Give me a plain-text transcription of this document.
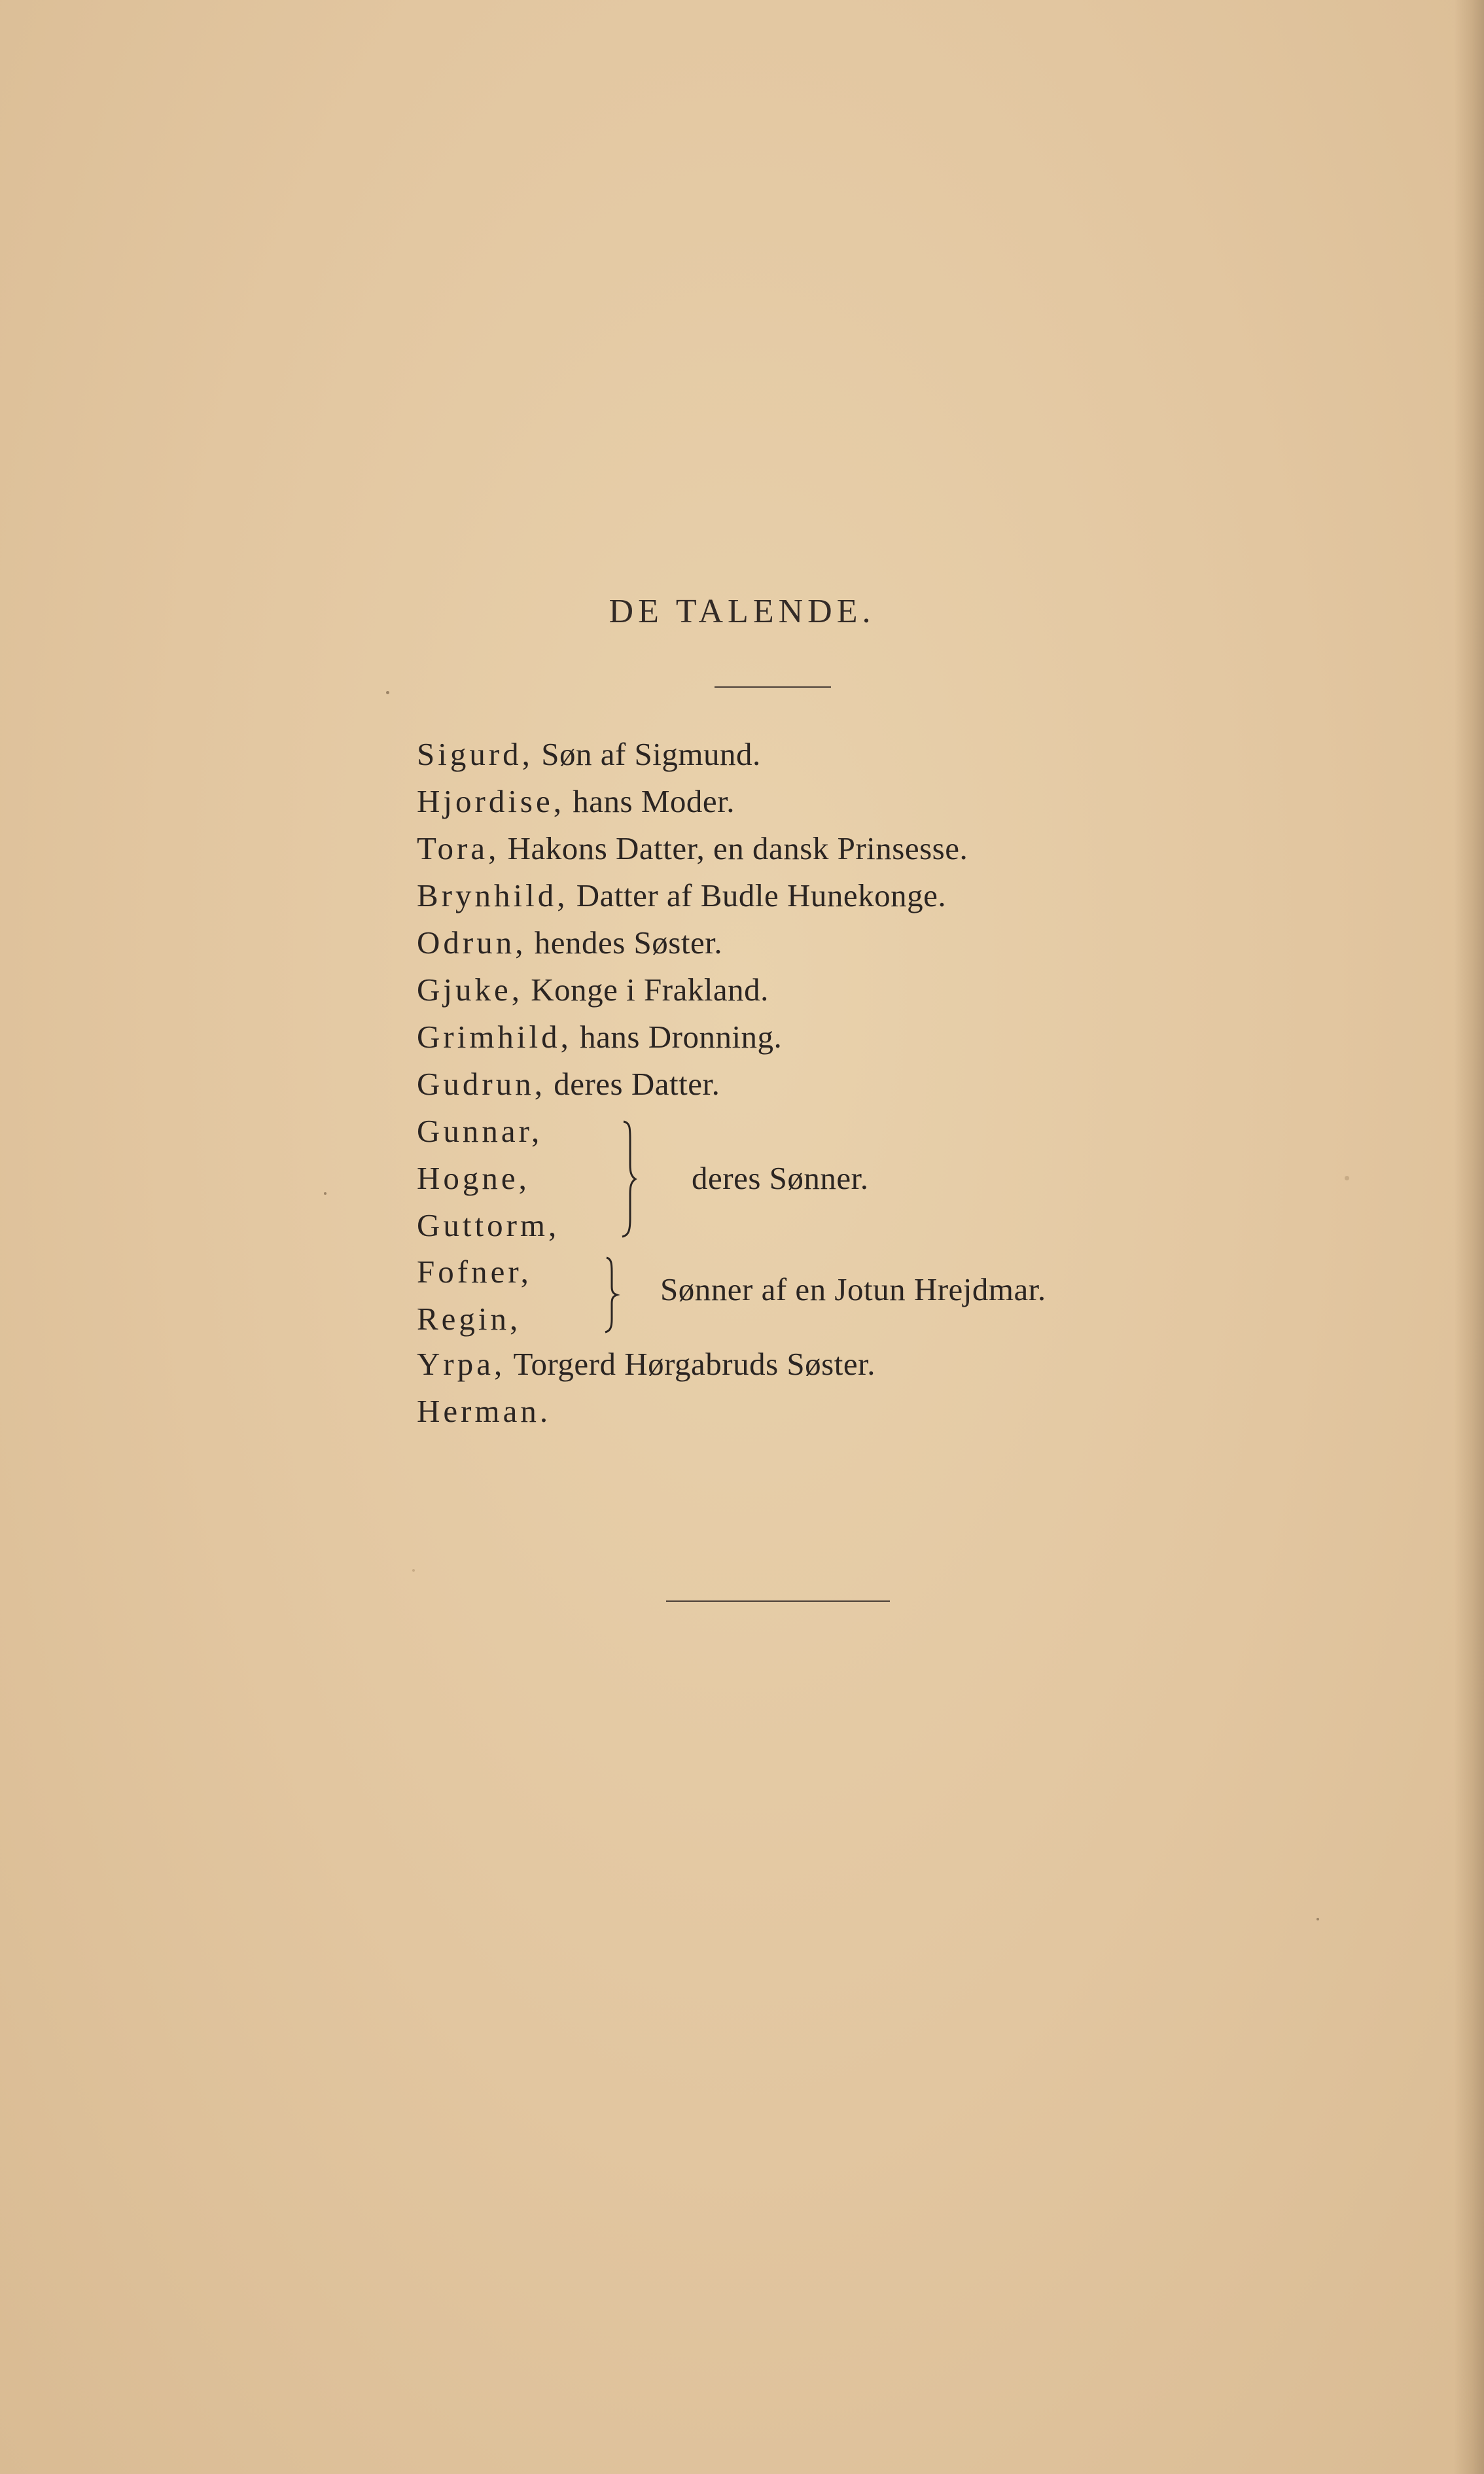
DE TALENDE.
Sigurd, Søn af Sigmund.
Hjordise, hans Moder.
Tora, Hakons Datter, en dansk Prinsesse.
Brynhild, Datter af Budle Hunekonge.
Odrun, hendes Søster.
Gjuke, Konge i Frakland.
Grimhild, hans Dronning.
Gudrun, deres Datter.
Gunnar,
Hogne,
Guttorm,
deres Sønner.
Fofner,
Regin,
Sønner af en Jotun Hrejdmar.
Yrpa, Torgerd Hørgabruds Søster.
Herman.
